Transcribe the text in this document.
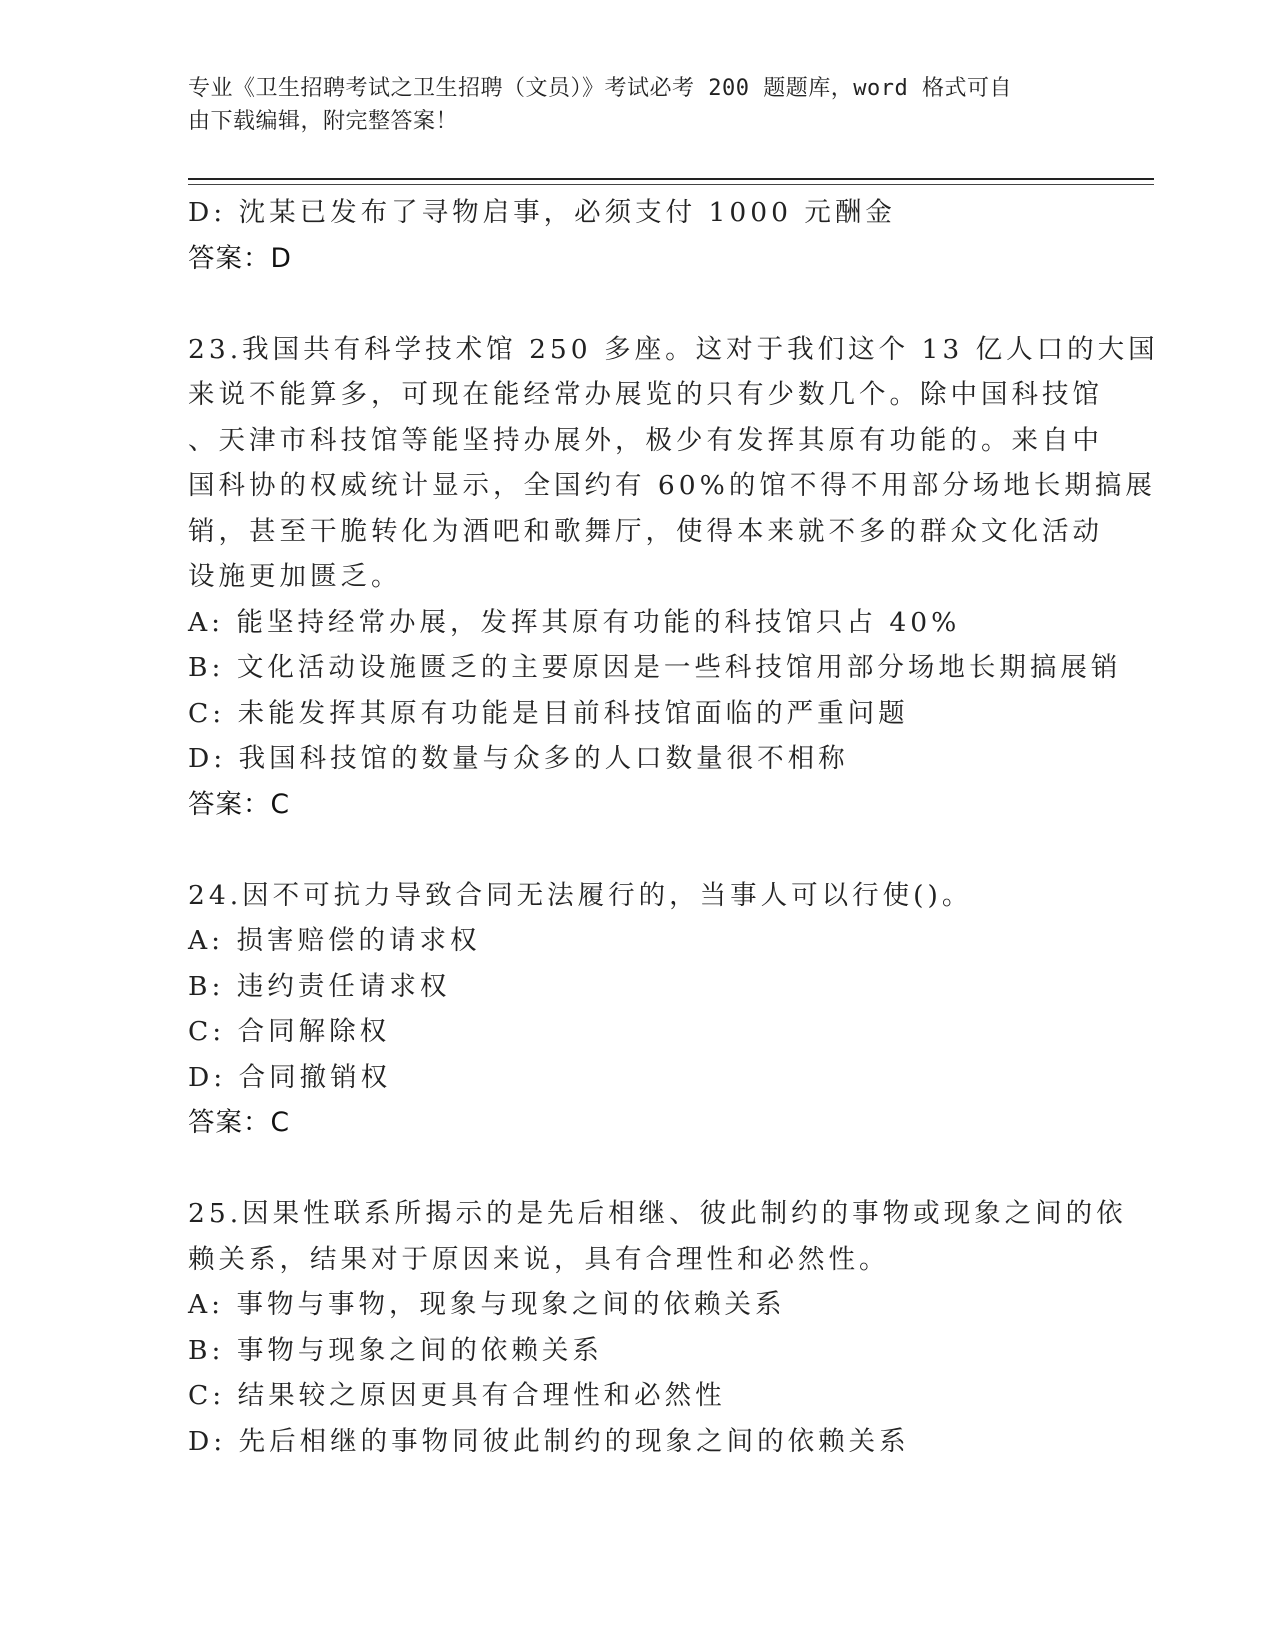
专业《卫生招聘考试之卫生招聘（文员）》考试必考 200 题题库，word 格式可自
由下载编辑，附完整答案！

D: 沈某已发布了寻物启事，必须支付 1000 元酬金

答案：D

23.我国共有科学技术馆 250 多座。这对于我们这个 13 亿人口的大国

来说不能算多，可现在能经常办展览的只有少数几个。除中国科技馆

、天津市科技馆等能坚持办展外，极少有发挥其原有功能的。来自中

国科协的权威统计显示，全国约有 60%的馆不得不用部分场地长期搞展

销，甚至干脆转化为酒吧和歌舞厅，使得本来就不多的群众文化活动

设施更加匮乏。

A: 能坚持经常办展，发挥其原有功能的科技馆只占 40%

B: 文化活动设施匮乏的主要原因是一些科技馆用部分场地长期搞展销

C: 未能发挥其原有功能是目前科技馆面临的严重问题

D: 我国科技馆的数量与众多的人口数量很不相称

答案：C

24.因不可抗力导致合同无法履行的，当事人可以行使()。

A: 损害赔偿的请求权

B: 违约责任请求权

C: 合同解除权

D: 合同撤销权

答案：C

25.因果性联系所揭示的是先后相继、彼此制约的事物或现象之间的依

赖关系，结果对于原因来说，具有合理性和必然性。

A: 事物与事物，现象与现象之间的依赖关系

B: 事物与现象之间的依赖关系

C: 结果较之原因更具有合理性和必然性

D: 先后相继的事物同彼此制约的现象之间的依赖关系
